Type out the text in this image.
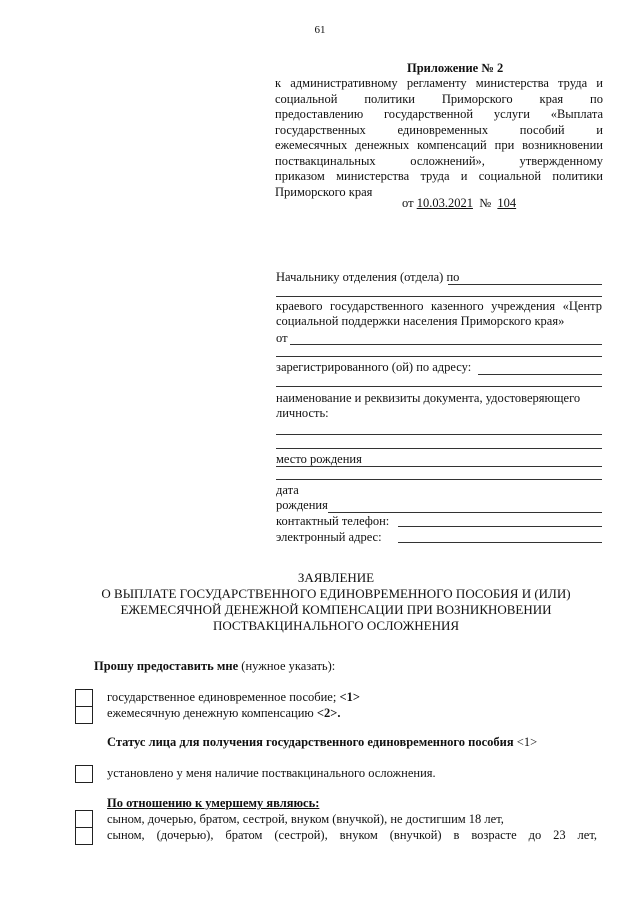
61
Приложение № 2
к административному регламенту министерства труда и
социальной политики Приморского края по
предоставлению государственной услуги «Выплата
государственных единовременных пособий и
ежемесячных денежных компенсаций при возникновении
поствакцинальных осложнений», утвержденному
приказом министерства труда и социальной политики
Приморского края
от 10.03.2021 № 104
Начальнику отделения (отдела) по
краевого государственного казенного учреждения «Центр социальной поддержки населения Приморского края»
от
зарегистрированного (ой) по адресу:
наименование и реквизиты документа, удостоверяющего личность:
место рождения
дата
рождения
контактный телефон:
электронный адрес:
ЗАЯВЛЕНИЕ
О ВЫПЛАТЕ ГОСУДАРСТВЕННОГО ЕДИНОВРЕМЕННОГО ПОСОБИЯ И (ИЛИ)
ЕЖЕМЕСЯЧНОЙ ДЕНЕЖНОЙ КОМПЕНСАЦИИ ПРИ ВОЗНИКНОВЕНИИ
ПОСТВАКЦИНАЛЬНОГО ОСЛОЖНЕНИЯ
Прошу предоставить мне (нужное указать):
государственное единовременное пособие; <1>
ежемесячную денежную компенсацию <2>.
Статус лица для получения государственного единовременного пособия <1>
установлено у меня наличие поствакцинального осложнения.
По отношению к умершему являюсь:
сыном, дочерью, братом, сестрой, внуком (внучкой), не достигшим 18 лет,
сыном, (дочерью), братом (сестрой), внуком (внучкой) в возрасте до 23 лет,
